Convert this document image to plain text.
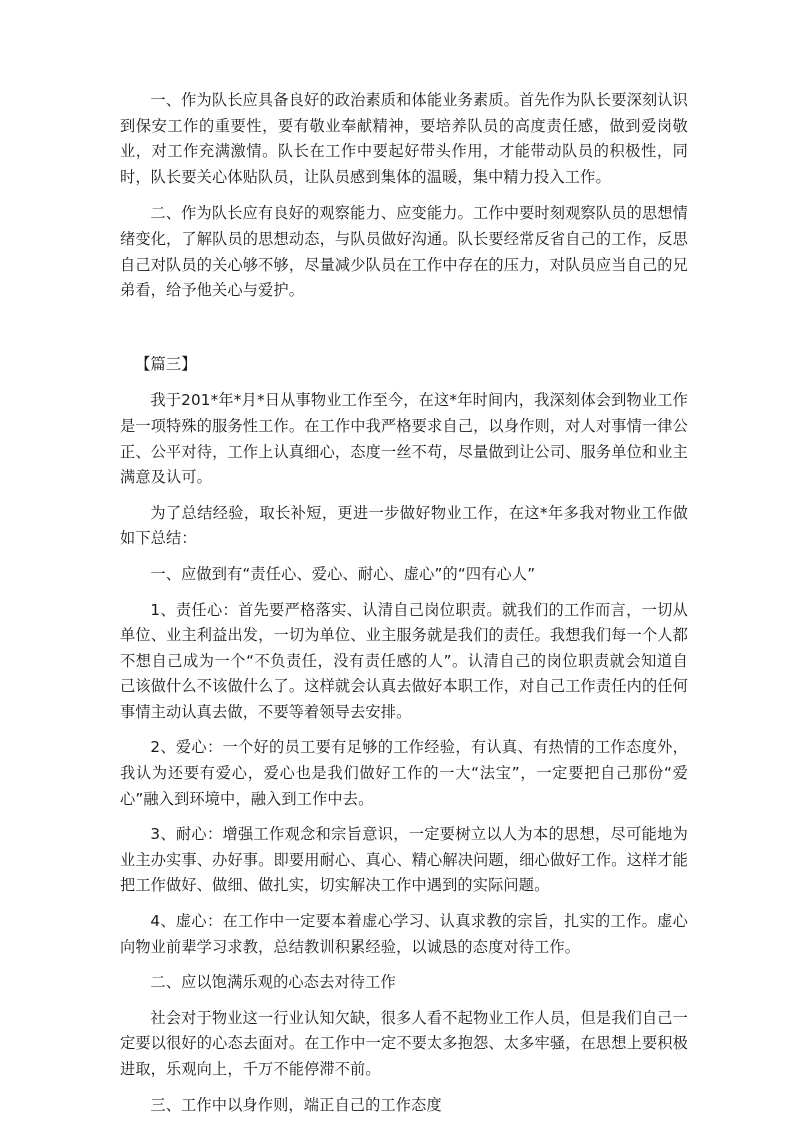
一、作为队长应具备良好的政治素质和体能业务素质。首先作为队长要深刻认识到保安工作的重要性，要有敬业奉献精神，要培养队员的高度责任感，做到爱岗敬业，对工作充满激情。队长在工作中要起好带头作用，才能带动队员的积极性，同时，队长要关心体贴队员，让队员感到集体的温暖，集中精力投入工作。

二、作为队长应有良好的观察能力、应变能力。工作中要时刻观察队员的思想情绪变化，了解队员的思想动态，与队员做好沟通。队长要经常反省自己的工作，反思自己对队员的关心够不够，尽量减少队员在工作中存在的压力，对队员应当自己的兄弟看，给予他关心与爱护。

【篇三】

我于201*年*月*日从事物业工作至今，在这*年时间内，我深刻体会到物业工作是一项特殊的服务性工作。在工作中我严格要求自己，以身作则，对人对事情一律公正、公平对待，工作上认真细心，态度一丝不苟，尽量做到让公司、服务单位和业主满意及认可。

为了总结经验，取长补短，更进一步做好物业工作，在这*年多我对物业工作做如下总结：

一、应做到有“责任心、爱心、耐心、虚心”的“四有心人”

1、责任心：首先要严格落实、认清自己岗位职责。就我们的工作而言，一切从单位、业主利益出发，一切为单位、业主服务就是我们的责任。我想我们每一个人都不想自己成为一个“不负责任，没有责任感的人”。认清自己的岗位职责就会知道自己该做什么不该做什么了。这样就会认真去做好本职工作，对自己工作责任内的任何事情主动认真去做，不要等着领导去安排。

2、爱心：一个好的员工要有足够的工作经验，有认真、有热情的工作态度外，我认为还要有爱心，爱心也是我们做好工作的一大“法宝”，一定要把自己那份“爱心”融入到环境中，融入到工作中去。

3、耐心：增强工作观念和宗旨意识，一定要树立以人为本的思想，尽可能地为业主办实事、办好事。即要用耐心、真心、精心解决问题，细心做好工作。这样才能把工作做好、做细、做扎实，切实解决工作中遇到的实际问题。

4、虚心：在工作中一定要本着虚心学习、认真求教的宗旨，扎实的工作。虚心向物业前辈学习求教，总结教训积累经验，以诚恳的态度对待工作。

二、应以饱满乐观的心态去对待工作

社会对于物业这一行业认知欠缺，很多人看不起物业工作人员，但是我们自己一定要以很好的心态去面对。在工作中一定不要太多抱怨、太多牢骚，在思想上要积极进取，乐观向上，千万不能停滞不前。

三、工作中以身作则，端正自己的工作态度
